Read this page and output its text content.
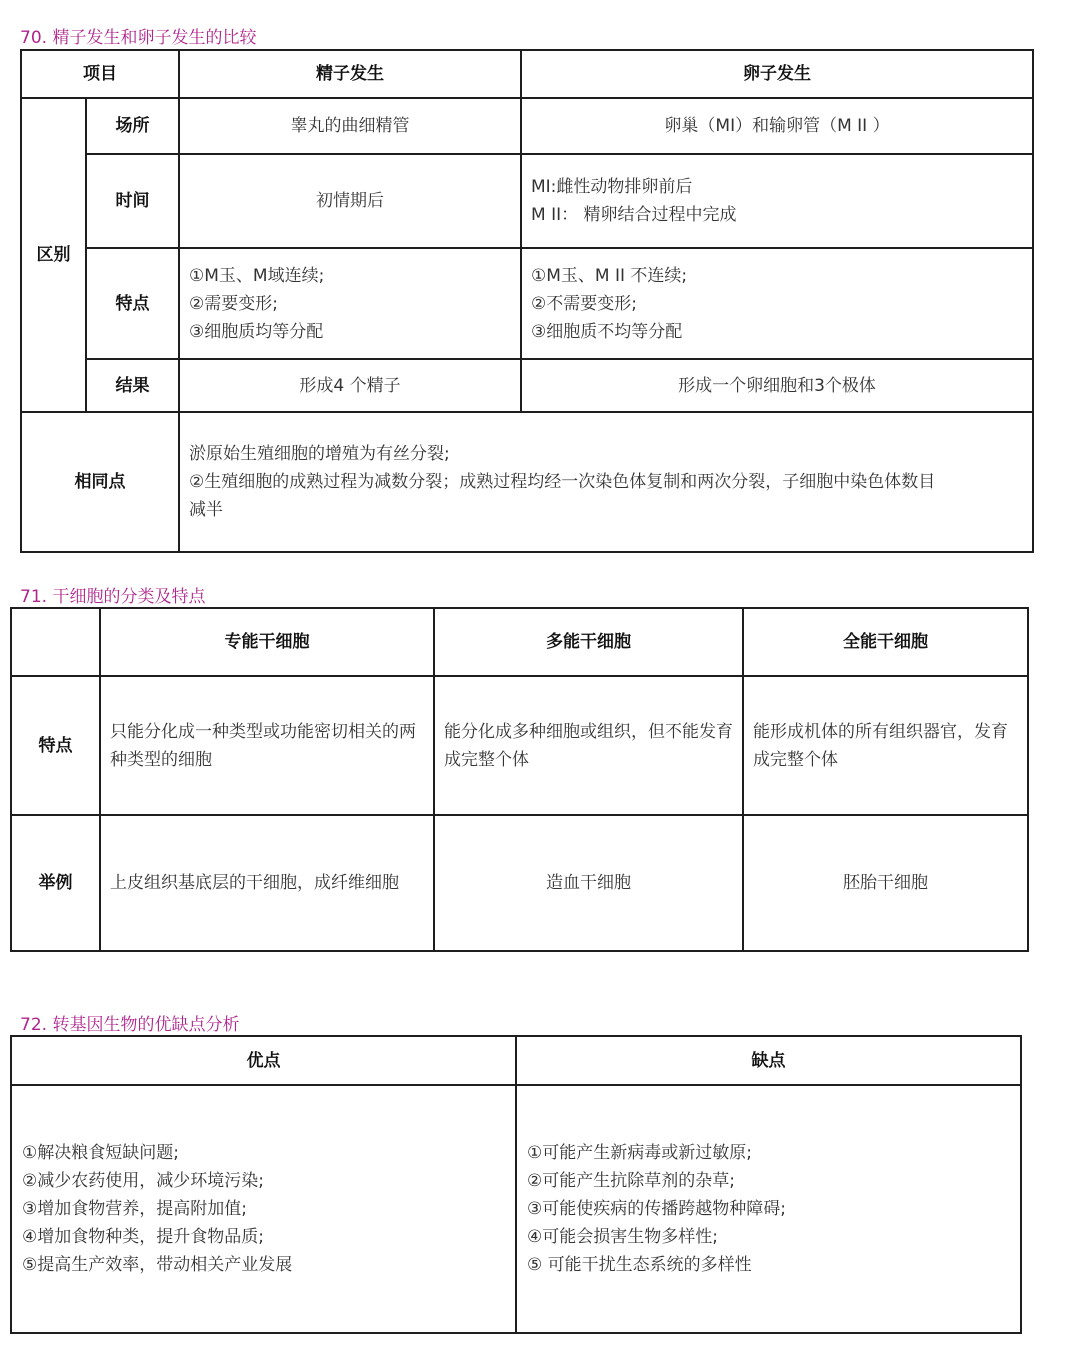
70. 精子发生和卵子发生的比较
项目		精子发生	卵子发生
区别	场所	睾丸的曲细精管	卵巢（MI）和输卵管（M II ）
	时间	初情期后	MI:雌性动物排卵前后
M II： 精卵结合过程中完成

	特点	①M玉、M域连续;
②需要变形;
③细胞质均等分配	①M玉、M II 不连续;
②不需要变形;
③细胞质不均等分配

	结果	形成4 个精子	形成一个卵细胞和3个极体
相同点		淤原始生殖细胞的增殖为有丝分裂;
②生殖细胞的成熟过程为减数分裂；成熟过程均经一次染色体复制和两次分裂，子细胞中染色体数目
减半	
71. 干细胞的分类及特点
	专能干细胞	多能干细胞	全能干细胞
特点	只能分化成一种类型或功能密切相关的两种类型的细胞	能分化成多种细胞或组织，但不能发育成完整个体	能形成机体的所有组织器官，发育成完整个体
举例	上皮组织基底层的干细胞，成纤维细胞	造血干细胞	胚胎干细胞
72. 转基因生物的优缺点分析
优点	缺点

①解决粮食短缺问题;
②减少农药使用，减少环境污染;
③增加食物营养，提高附加值;
④增加食物种类，提升食物品质;
⑤提高生产效率，带动相关产业发展	①可能产生新病毒或新过敏原;
②可能产生抗除草剂的杂草;
③可能使疾病的传播跨越物种障碍;
④可能会损害生物多样性;
⑤ 可能干扰生态系统的多样性
